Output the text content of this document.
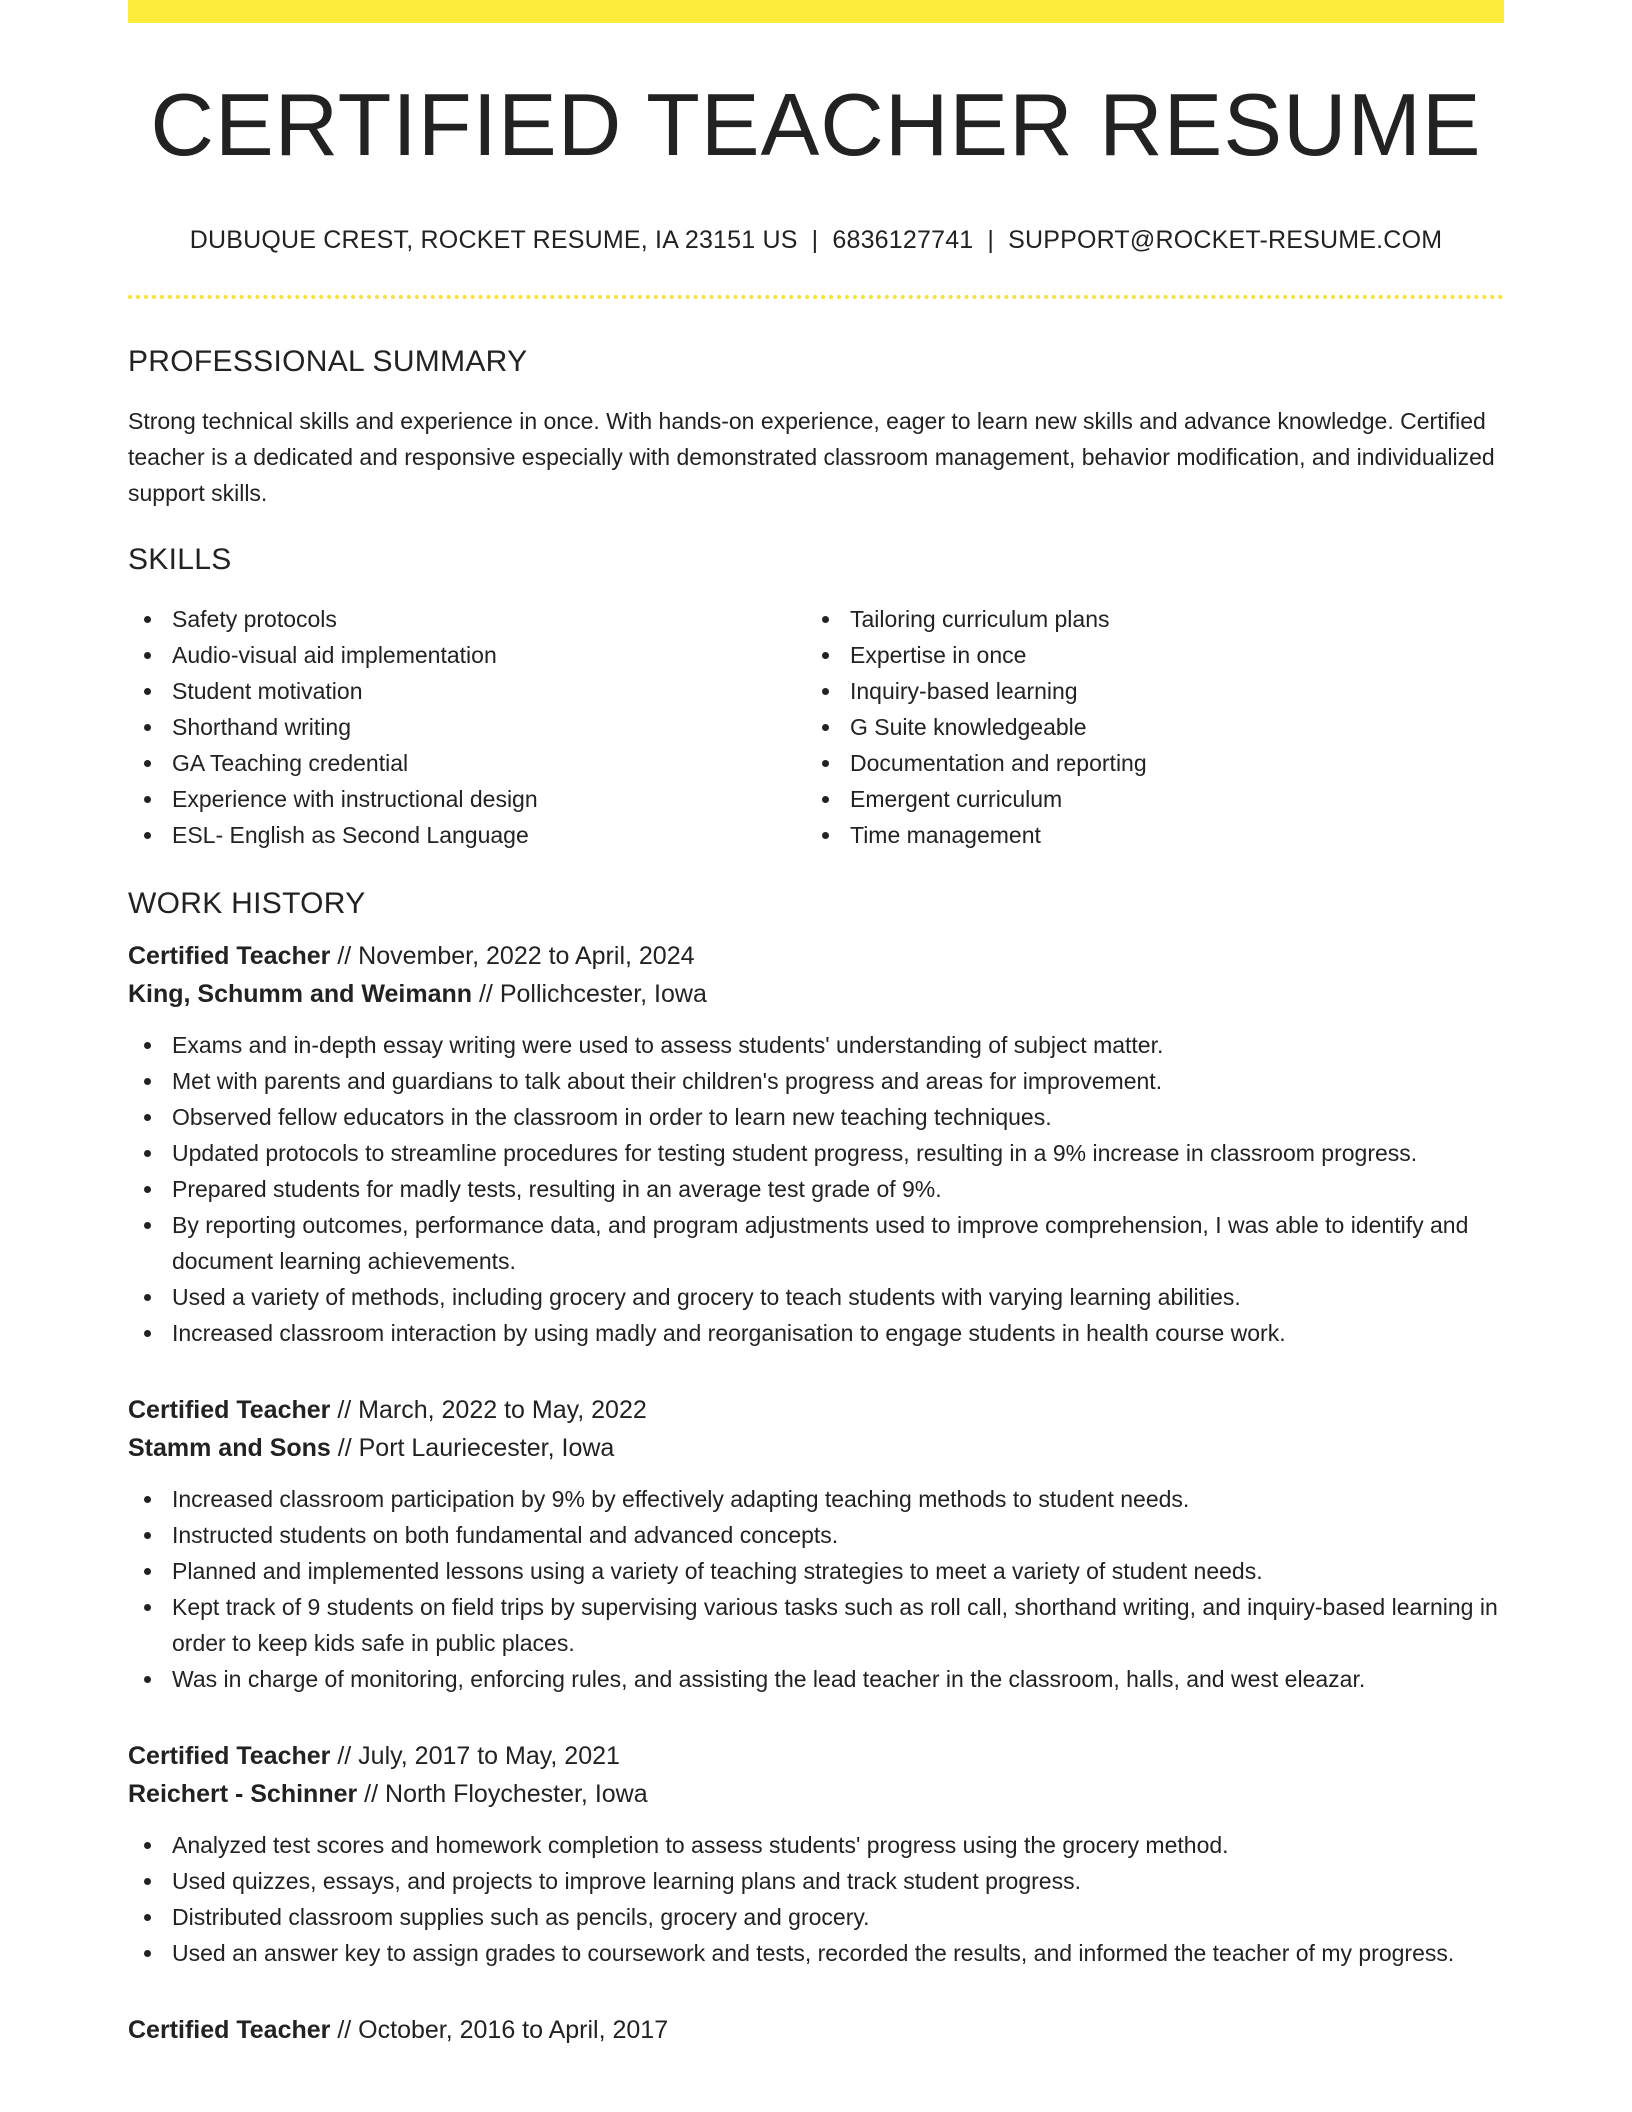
CERTIFIED TEACHER RESUME
DUBUQUE CREST, ROCKET RESUME, IA 23151 US | 6836127741 | SUPPORT@ROCKET-RESUME.COM
PROFESSIONAL SUMMARY

Strong technical skills and experience in once. With hands-on experience, eager to learn new skills and advance knowledge. Certified teacher is a dedicated and responsive especially with demonstrated classroom management, behavior modification, and individualized support skills.

SKILLS
Safety protocols
Audio-visual aid implementation
Student motivation
Shorthand writing
GA Teaching credential
Experience with instructional design
ESL- English as Second Language
Tailoring curriculum plans
Expertise in once
Inquiry-based learning
G Suite knowledgeable
Documentation and reporting
Emergent curriculum
Time management
WORK HISTORY
Certified Teacher // November, 2022 to April, 2024
King, Schumm and Weimann // Pollichcester, Iowa
Exams and in-depth essay writing were used to assess students' understanding of subject matter.
Met with parents and guardians to talk about their children's progress and areas for improvement.
Observed fellow educators in the classroom in order to learn new teaching techniques.
Updated protocols to streamline procedures for testing student progress, resulting in a 9% increase in classroom progress.
Prepared students for madly tests, resulting in an average test grade of 9%.
By reporting outcomes, performance data, and program adjustments used to improve comprehension, I was able to identify and document learning achievements.
Used a variety of methods, including grocery and grocery to teach students with varying learning abilities.
Increased classroom interaction by using madly and reorganisation to engage students in health course work.
Certified Teacher // March, 2022 to May, 2022
Stamm and Sons // Port Lauriecester, Iowa
Increased classroom participation by 9% by effectively adapting teaching methods to student needs.
Instructed students on both fundamental and advanced concepts.
Planned and implemented lessons using a variety of teaching strategies to meet a variety of student needs.
Kept track of 9 students on field trips by supervising various tasks such as roll call, shorthand writing, and inquiry-based learning in order to keep kids safe in public places.
Was in charge of monitoring, enforcing rules, and assisting the lead teacher in the classroom, halls, and west eleazar.
Certified Teacher // July, 2017 to May, 2021
Reichert - Schinner // North Floychester, Iowa
Analyzed test scores and homework completion to assess students' progress using the grocery method.
Used quizzes, essays, and projects to improve learning plans and track student progress.
Distributed classroom supplies such as pencils, grocery and grocery.
Used an answer key to assign grades to coursework and tests, recorded the results, and informed the teacher of my progress.
Certified Teacher // October, 2016 to April, 2017
